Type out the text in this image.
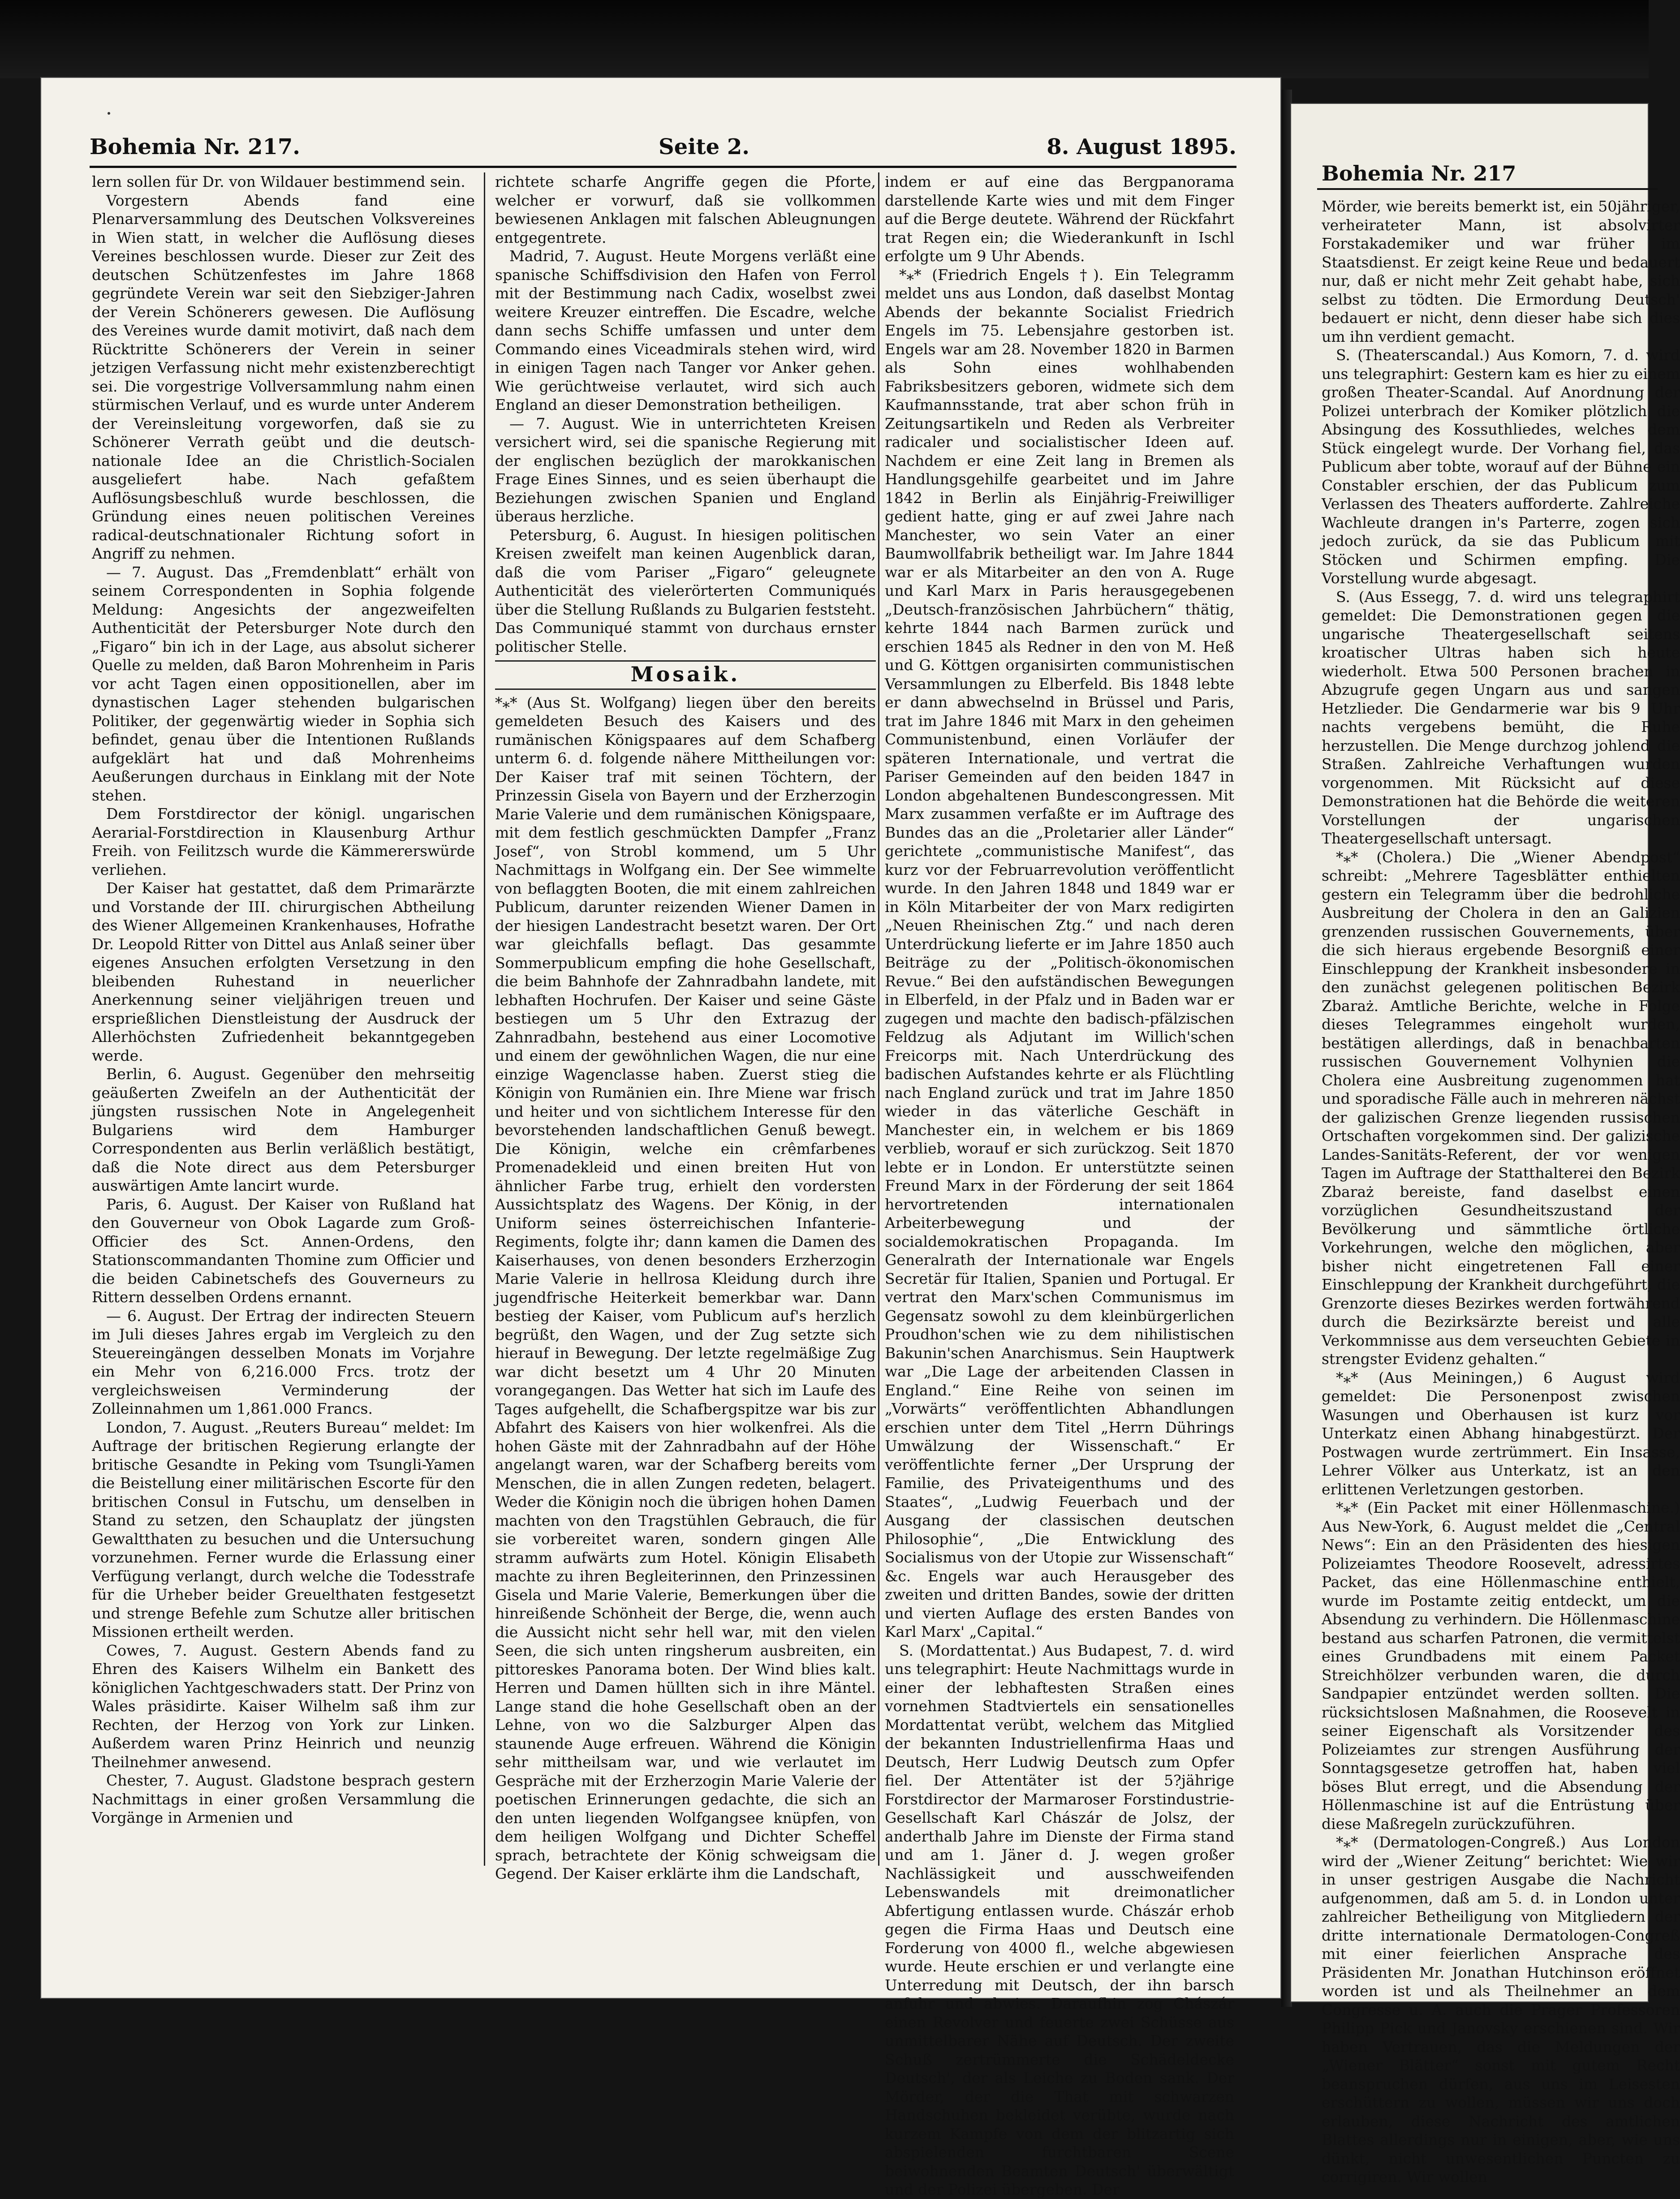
Bohemia Nr. 217.	Seite 2.	8. August 1895.

lern sollen für Dr. von Wildauer bestimmend sein.

Vorgestern Abends fand eine Plenarversammlung des Deutschen Volksvereines in Wien statt, in welcher die Auflösung dieses Vereines beschlossen wurde. Dieser zur Zeit des deutschen Schützenfestes im Jahre 1868 gegründete Verein war seit den Siebziger-Jahren der Verein Schönerers gewesen. Die Auflösung des Vereines wurde damit motivirt, daß nach dem Rücktritte Schönerers der Verein in seiner jetzigen Verfassung nicht mehr existenzberechtigt sei. Die vorgestrige Vollversammlung nahm einen stürmischen Verlauf, und es wurde unter Anderem der Vereinsleitung vorgeworfen, daß sie zu Schönerer Verrath geübt und die deutsch-nationale Idee an die Christlich-Socialen ausgeliefert habe. Nach gefaßtem Auflösungsbeschluß wurde beschlossen, die Gründung eines neuen politischen Vereines radical-deutschnationaler Richtung sofort in Angriff zu nehmen.

— 7. August. Das „Fremdenblatt“ erhält von seinem Correspondenten in Sophia folgende Meldung: Angesichts der angezweifelten Authenticität der Petersburger Note durch den „Figaro“ bin ich in der Lage, aus absolut sicherer Quelle zu melden, daß Baron Mohrenheim in Paris vor acht Tagen einen oppositionellen, aber im dynastischen Lager stehenden bulgarischen Politiker, der gegenwärtig wieder in Sophia sich befindet, genau über die Intentionen Rußlands aufgeklärt hat und daß Mohrenheims Aeußerungen durchaus in Einklang mit der Note stehen.

Dem Forstdirector der königl. ungarischen Aerarial-Forstdirection in Klausenburg Arthur Freih. von Feilitzsch wurde die Kämmererswürde verliehen.

Der Kaiser hat gestattet, daß dem Primarärzte und Vorstande der III. chirurgischen Abtheilung des Wiener Allgemeinen Krankenhauses, Hofrathe Dr. Leopold Ritter von Dittel aus Anlaß seiner über eigenes Ansuchen erfolgten Versetzung in den bleibenden Ruhestand in neuerlicher Anerkennung seiner vieljährigen treuen und ersprießlichen Dienstleistung der Ausdruck der Allerhöchsten Zufriedenheit bekanntgegeben werde.

Berlin, 6. August. Gegenüber den mehrseitig geäußerten Zweifeln an der Authenticität der jüngsten russischen Note in Angelegenheit Bulgariens wird dem Hamburger Correspondenten aus Berlin verläßlich bestätigt, daß die Note direct aus dem Petersburger auswärtigen Amte lancirt wurde.

Paris, 6. August. Der Kaiser von Rußland hat den Gouverneur von Obok Lagarde zum Groß-Officier des Sct. Annen-Ordens, den Stationscommandanten Thomine zum Officier und die beiden Cabinetschefs des Gouverneurs zu Rittern desselben Ordens ernannt.

— 6. August. Der Ertrag der indirecten Steuern im Juli dieses Jahres ergab im Vergleich zu den Steuereingängen desselben Monats im Vorjahre ein Mehr von 6,216.000 Frcs. trotz der vergleichsweisen Verminderung der Zolleinnahmen um 1,861.000 Francs.

London, 7. August. „Reuters Bureau“ meldet: Im Auftrage der britischen Regierung erlangte der britische Gesandte in Peking vom Tsungli-Yamen die Beistellung einer militärischen Escorte für den britischen Consul in Futschu, um denselben in Stand zu setzen, den Schauplatz der jüngsten Gewaltthaten zu besuchen und die Untersuchung vorzunehmen. Ferner wurde die Erlassung einer Verfügung verlangt, durch welche die Todesstrafe für die Urheber beider Greuelthaten festgesetzt und strenge Befehle zum Schutze aller britischen Missionen ertheilt werden.

Cowes, 7. August. Gestern Abends fand zu Ehren des Kaisers Wilhelm ein Bankett des königlichen Yachtgeschwaders statt. Der Prinz von Wales präsidirte. Kaiser Wilhelm saß ihm zur Rechten, der Herzog von York zur Linken. Außerdem waren Prinz Heinrich und neunzig Theilnehmer anwesend.

Chester, 7. August. Gladstone besprach gestern Nachmittags in einer großen Versammlung die Vorgänge in Armenien und

richtete scharfe Angriffe gegen die Pforte, welcher er vorwurf, daß sie vollkommen bewiesenen Anklagen mit falschen Ableugnungen entgegentrete.

Madrid, 7. August. Heute Morgens verläßt eine spanische Schiffsdivision den Hafen von Ferrol mit der Bestimmung nach Cadix, woselbst zwei weitere Kreuzer eintreffen. Die Escadre, welche dann sechs Schiffe umfassen und unter dem Commando eines Viceadmirals stehen wird, wird in einigen Tagen nach Tanger vor Anker gehen. Wie gerüchtweise verlautet, wird sich auch England an dieser Demonstration betheiligen.

— 7. August. Wie in unterrichteten Kreisen versichert wird, sei die spanische Regierung mit der englischen bezüglich der marokkanischen Frage Eines Sinnes, und es seien überhaupt die Beziehungen zwischen Spanien und England überaus herzliche.

Petersburg, 6. August. In hiesigen politischen Kreisen zweifelt man keinen Augenblick daran, daß die vom Pariser „Figaro“ geleugnete Authenticität des vielerörterten Communiqués über die Stellung Rußlands zu Bulgarien feststeht. Das Communiqué stammt von durchaus ernster politischer Stelle.

Mosaik.

*⁎* (Aus St. Wolfgang) liegen über den bereits gemeldeten Besuch des Kaisers und des rumänischen Königspaares auf dem Schafberg unterm 6. d. folgende nähere Mittheilungen vor: Der Kaiser traf mit seinen Töchtern, der Prinzessin Gisela von Bayern und der Erzherzogin Marie Valerie und dem rumänischen Königspaare, mit dem festlich geschmückten Dampfer „Franz Josef“, von Strobl kommend, um 5 Uhr Nachmittags in Wolfgang ein. Der See wimmelte von beflaggten Booten, die mit einem zahlreichen Publicum, darunter reizenden Wiener Damen in der hiesigen Landestracht besetzt waren. Der Ort war gleichfalls beflagt. Das gesammte Sommerpublicum empfing die hohe Gesellschaft, die beim Bahnhofe der Zahnradbahn landete, mit lebhaften Hochrufen. Der Kaiser und seine Gäste bestiegen um 5 Uhr den Extrazug der Zahnradbahn, bestehend aus einer Locomotive und einem der gewöhnlichen Wagen, die nur eine einzige Wagenclasse haben. Zuerst stieg die Königin von Rumänien ein. Ihre Miene war frisch und heiter und von sichtlichem Interesse für den bevorstehenden landschaftlichen Genuß bewegt. Die Königin, welche ein crêmfarbenes Promenadekleid und einen breiten Hut von ähnlicher Farbe trug, erhielt den vordersten Aussichtsplatz des Wagens. Der König, in der Uniform seines österreichischen Infanterie-Regiments, folgte ihr; dann kamen die Damen des Kaiserhauses, von denen besonders Erzherzogin Marie Valerie in hellrosa Kleidung durch ihre jugendfrische Heiterkeit bemerkbar war. Dann bestieg der Kaiser, vom Publicum auf's herzlich begrüßt, den Wagen, und der Zug setzte sich hierauf in Bewegung. Der letzte regelmäßige Zug war dicht besetzt um 4 Uhr 20 Minuten vorangegangen. Das Wetter hat sich im Laufe des Tages aufgehellt, die Schafbergspitze war bis zur Abfahrt des Kaisers von hier wolkenfrei. Als die hohen Gäste mit der Zahnradbahn auf der Höhe angelangt waren, war der Schafberg bereits vom Menschen, die in allen Zungen redeten, belagert. Weder die Königin noch die übrigen hohen Damen machten von den Tragstühlen Gebrauch, die für sie vorbereitet waren, sondern gingen Alle stramm aufwärts zum Hotel. Königin Elisabeth machte zu ihren Begleiterinnen, den Prinzessinen Gisela und Marie Valerie, Bemerkungen über die hinreißende Schönheit der Berge, die, wenn auch die Aussicht nicht sehr hell war, mit den vielen Seen, die sich unten ringsherum ausbreiten, ein pittoreskes Panorama boten. Der Wind blies kalt. Herren und Damen hüllten sich in ihre Mäntel. Lange stand die hohe Gesellschaft oben an der Lehne, von wo die Salzburger Alpen das staunende Auge erfreuen. Während die Königin sehr mittheilsam war, und wie verlautet im Gespräche mit der Erzherzogin Marie Valerie der poetischen Erinnerungen gedachte, die sich an den unten liegenden Wolfgangsee knüpfen, von dem heiligen Wolfgang und Dichter Scheffel sprach, betrachtete der König schweigsam die Gegend. Der Kaiser erklärte ihm die Landschaft,

indem er auf eine das Bergpanorama darstellende Karte wies und mit dem Finger auf die Berge deutete. Während der Rückfahrt trat Regen ein; die Wiederankunft in Ischl erfolgte um 9 Uhr Abends.

*⁎* (Friedrich Engels †). Ein Telegramm meldet uns aus London, daß daselbst Montag Abends der bekannte Socialist Friedrich Engels im 75. Lebensjahre gestorben ist. Engels war am 28. November 1820 in Barmen als Sohn eines wohlhabenden Fabriksbesitzers geboren, widmete sich dem Kaufmannsstande, trat aber schon früh in Zeitungsartikeln und Reden als Verbreiter radicaler und socialistischer Ideen auf. Nachdem er eine Zeit lang in Bremen als Handlungsgehilfe gearbeitet und im Jahre 1842 in Berlin als Einjährig-Freiwilliger gedient hatte, ging er auf zwei Jahre nach Manchester, wo sein Vater an einer Baumwollfabrik betheiligt war. Im Jahre 1844 war er als Mitarbeiter an den von A. Ruge und Karl Marx in Paris herausgegebenen „Deutsch-französischen Jahrbüchern“ thätig, kehrte 1844 nach Barmen zurück und erschien 1845 als Redner in den von M. Heß und G. Köttgen organisirten communistischen Versammlungen zu Elberfeld. Bis 1848 lebte er dann abwechselnd in Brüssel und Paris, trat im Jahre 1846 mit Marx in den geheimen Communistenbund, einen Vorläufer der späteren Internationale, und vertrat die Pariser Gemeinden auf den beiden 1847 in London abgehaltenen Bundescongressen. Mit Marx zusammen verfaßte er im Auftrage des Bundes das an die „Proletarier aller Länder“ gerichtete „communistische Manifest“, das kurz vor der Februarrevolution veröffentlicht wurde. In den Jahren 1848 und 1849 war er in Köln Mitarbeiter der von Marx redigirten „Neuen Rheinischen Ztg.“ und nach deren Unterdrückung lieferte er im Jahre 1850 auch Beiträge zu der „Politisch-ökonomischen Revue.“ Bei den aufständischen Bewegungen in Elberfeld, in der Pfalz und in Baden war er zugegen und machte den badisch-pfälzischen Feldzug als Adjutant im Willich'schen Freicorps mit. Nach Unterdrückung des badischen Aufstandes kehrte er als Flüchtling nach England zurück und trat im Jahre 1850 wieder in das väterliche Geschäft in Manchester ein, in welchem er bis 1869 verblieb, worauf er sich zurückzog. Seit 1870 lebte er in London. Er unterstützte seinen Freund Marx in der Förderung der seit 1864 hervortretenden internationalen Arbeiterbewegung und der socialdemokratischen Propaganda. Im Generalrath der Internationale war Engels Secretär für Italien, Spanien und Portugal. Er vertrat den Marx'schen Communismus im Gegensatz sowohl zu dem kleinbürgerlichen Proudhon'schen wie zu dem nihilistischen Bakunin'schen Anarchismus. Sein Hauptwerk war „Die Lage der arbeitenden Classen in England.“ Eine Reihe von seinen im „Vorwärts“ veröffentlichten Abhandlungen erschien unter dem Titel „Herrn Dührings Umwälzung der Wissenschaft.“ Er veröffentlichte ferner „Der Ursprung der Familie, des Privateigenthums und des Staates“, „Ludwig Feuerbach und der Ausgang der classischen deutschen Philosophie“, „Die Entwicklung des Socialismus von der Utopie zur Wissenschaft“ &c. Engels war auch Herausgeber des zweiten und dritten Bandes, sowie der dritten und vierten Auflage des ersten Bandes von Karl Marx' „Capital.“

S. (Mordattentat.) Aus Budapest, 7. d. wird uns telegraphirt: Heute Nachmittags wurde in einer der lebhaftesten Straßen eines vornehmen Stadtviertels ein sensationelles Mordattentat verübt, welchem das Mitglied der bekannten Industriellenfirma Haas und Deutsch, Herr Ludwig Deutsch zum Opfer fiel. Der Attentäter ist der 5?jährige Forstdirector der Marmaroser Forstindustrie-Gesellschaft Karl Chászár de Jolsz, der anderthalb Jahre im Dienste der Firma stand und am 1. Jäner d. J. wegen großer Nachlässigkeit und ausschweifenden Lebenswandels mit dreimonatlicher Abfertigung entlassen wurde. Chászár erhob gegen die Firma Haas und Deutsch eine Forderung von 4000 fl., welche abgewiesen wurde. Heute erschien er und verlangte eine Unterredung mit Deutsch, der ihn barsch anfuhr und abwies. Daraufhin zog Chászár einen Revolver und feuerte zwei Schüsse aus unmittelbarer Nähe auf Deutsch. Der zweite Schuß zertrümmerte die Schädeldecke Deutsch', der als Leiche zu Boden sank. Der Mörder, der die That mit schwarzen Handschuhen bekleidet verübte, wurde nach kurzem Kampfe von dem der blitzartig sich abspielenden furchtbaren Scene beiwohnenden Beamten Deutsch' überwältigt und der Polizei übergeben. Der

Bohemia Nr. 217

Mörder, wie bereits bemerkt ist, ein 50jähriger, verheirateter Mann, ist absolvirter Forstakademiker und war früher im Staatsdienst. Er zeigt keine Reue und bedauert nur, daß er nicht mehr Zeit gehabt habe, sich selbst zu tödten. Die Ermordung Deutsch' bedauert er nicht, denn dieser habe sich dies um ihn verdient gemacht.

S. (Theaterscandal.) Aus Komorn, 7. d. wird uns telegraphirt: Gestern kam es hier zu einem großen Theater-Scandal. Auf Anordnung der Polizei unterbrach der Komiker plötzlich die Absingung des Kossuthliedes, welches dem Stück eingelegt wurde. Der Vorhang fiel, das Publicum aber tobte, worauf auf der Bühne ein Constabler erschien, der das Publicum zum Verlassen des Theaters aufforderte. Zahlreiche Wachleute drangen in's Parterre, zogen sich jedoch zurück, da sie das Publicum mit Stöcken und Schirmen empfing. Die Vorstellung wurde abgesagt.

S. (Aus Essegg, 7. d. wird uns telegraphirt gemeldet: Die Demonstrationen gegen die ungarische Theatergesellschaft seitens kroatischer Ultras haben sich heute wiederholt. Etwa 500 Personen brachen in Abzugrufe gegen Ungarn aus und sangen Hetzlieder. Die Gendarmerie war bis 9 Uhr nachts vergebens bemüht, die Ruhe herzustellen. Die Menge durchzog johlend die Straßen. Zahlreiche Verhaftungen wurden vorgenommen. Mit Rücksicht auf diese Demonstrationen hat die Behörde die weiteren Vorstellungen der ungarischen Theatergesellschaft untersagt.

*⁎* (Cholera.) Die „Wiener Abendpost“ schreibt: „Mehrere Tagesblätter enthielten gestern ein Telegramm über die bedrohliche Ausbreitung der Cholera in den an Galizien grenzenden russischen Gouvernements, über die sich hieraus ergebende Besorgniß einer Einschleppung der Krankheit insbesondere in den zunächst gelegenen politischen Bezirk Zbaraż. Amtliche Berichte, welche in Folge dieses Telegrammes eingeholt wurden, bestätigen allerdings, daß in benachbarten russischen Gouvernement Volhynien die Cholera eine Ausbreitung zugenommen hat und sporadische Fälle auch in mehreren nächst der galizischen Grenze liegenden russischen Ortschaften vorgekommen sind. Der galizische Landes-Sanitäts-Referent, der vor wenigen Tagen im Auftrage der Statthalterei den Bezirk Zbaraż bereiste, fand daselbst einen vorzüglichen Gesundheitszustand der Bevölkerung und sämmtliche örtliche Vorkehrungen, welche den möglichen, aber bisher nicht eingetretenen Fall einer Einschleppung der Krankheit durchgeführt, die Grenzorte dieses Bezirkes werden fortwährend durch die Bezirksärzte bereist und alle Verkommnisse aus dem verseuchten Gebiete in strengster Evidenz gehalten.“

*⁎* (Aus Meiningen,) 6 August wird gemeldet: Die Personenpost zwischen Wasungen und Oberhausen ist kurz vor Unterkatz einen Abhang hinabgestürzt. Der Postwagen wurde zertrümmert. Ein Insasse, Lehrer Völker aus Unterkatz, ist an den erlittenen Verletzungen gestorben.

*⁎* (Ein Packet mit einer Höllenmaschine.) Aus New-York, 6. August meldet die „Central News“: Ein an den Präsidenten des hiesigen Polizeiamtes Theodore Roosevelt, adressirtes Packet, das eine Höllenmaschine enthielt, wurde im Postamte zeitig entdeckt, um die Absendung zu verhindern. Die Höllenmaschine bestand aus scharfen Patronen, die vermittelst eines Grundbadens mit einem Packet Streichhölzer verbunden waren, die durch Sandpapier entzündet werden sollten. Die rücksichtslosen Maßnahmen, die Roosevelt in seiner Eigenschaft als Vorsitzender des Polizeiamtes zur strengen Ausführung der Sonntagsgesetze getroffen hat, haben viel böses Blut erregt, und die Absendung der Höllenmaschine ist auf die Entrüstung über diese Maßregeln zurückzuführen.

*⁎* (Dermatologen-Congreß.) Aus London wird der „Wiener Zeitung“ berichtet: Wie wir in unser gestrigen Ausgabe die Nachricht aufgenommen, daß am 5. d. in London unter zahlreicher Betheiligung von Mitgliedern der dritte internationale Dermatologen-Congreß mit einer feierlichen Ansprache des Präsidenten Mr. Jonathan Hutchinson eröffnet worden ist und als Theilnehmer an dem Congresse u. A. auch die Prager Professoren Philipp Pick und Janovsky erschienen sind. Wir haben Vertrauen, das die Meldungen der „Wiener Blätter“ sonst mit gutem Recht beanspruchen dürfen, aus uns im Leisesten erschüttern zu wollen, müssen wir uns doch erlauben, diese Nachricht des amtlichen Blattes allerdings nur in einigen, aber, wie uns dünkt, nicht unwesentlichen Puncten zu corrigiren. Wir wollen
